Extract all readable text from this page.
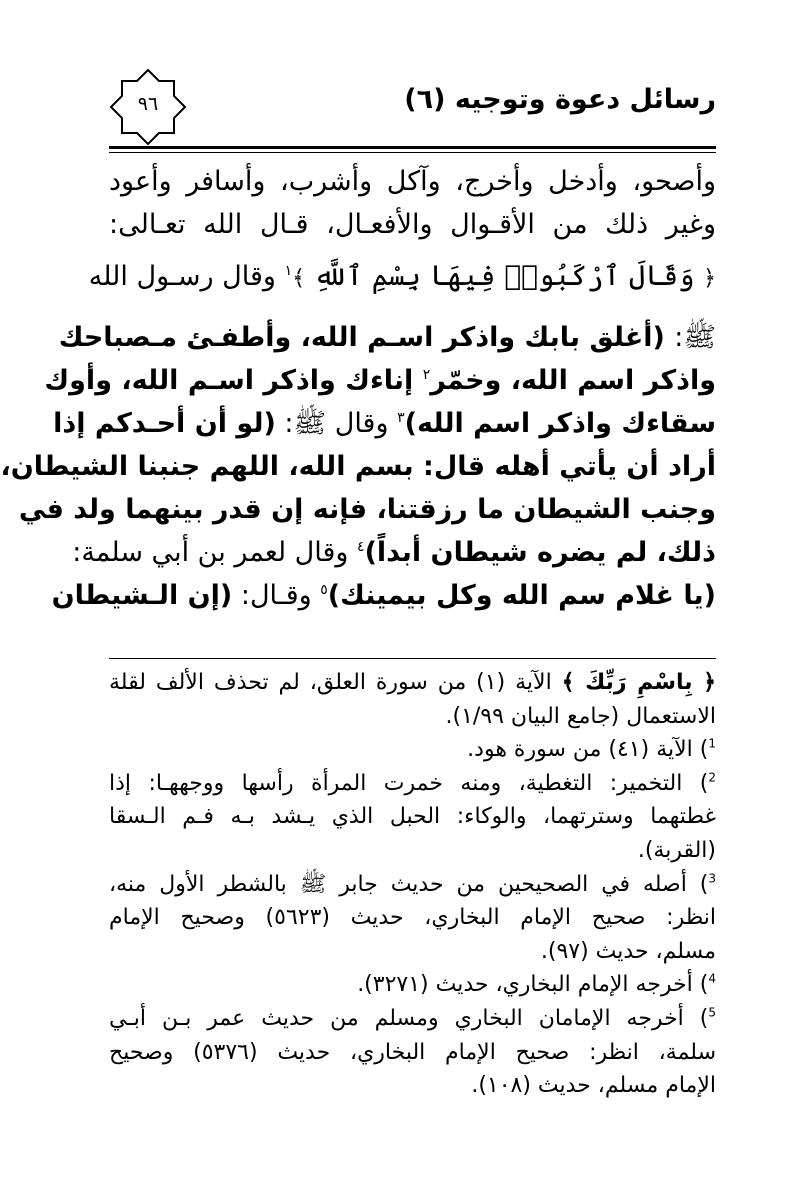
رسائل دعوة وتوجيه (٦)
٩٦
وأصحو، وأدخل وأخرج، وآكل وأشرب، وأسافر وأعود
وغير ذلك من الأقـوال والأفعـال، قـال الله تعـالى:
﴿ وَقَالَ ٱرْكَبُوا۟ فِيهَا بِسْمِ ٱللَّهِ ﴾$^١$ وقال رسـول الله
ﷺ: (أغلق بابك واذكر اسـم الله، وأطفـئ مـصباحك
واذكر اسم الله، وخمّر$^٢$ إناءك واذكر اسـم الله، وأوك
سقاءك واذكر اسم الله)$^٣$ وقال ﷺ: (لو أن أحـدكم إذا
أراد أن يأتي أهله قال: بسم الله، اللهم جنبنا الشيطان،
وجنب الشيطان ما رزقتنا، فإنه إن قدر بينهما ولد في
ذلك، لم يضره شيطان أبداً)$^٤$ وقال لعمر بن أبي سلمة:
(يا غلام سم الله وكل بيمينك)$^٥$ وقـال: (إن الـشيطان
﴿ بِاسْمِ رَبِّكَ ﴾ الآية (١) من سورة العلق، لم تحذف الألف لقلة
الاستعمال (جامع البيان ١/٩٩).
$^1$) الآية (٤١) من سورة هود.
$^2$) التخمير: التغطية، ومنه خمرت المرأة رأسها ووجههـا: إذا
غطتهما وسترتهما، والوكاء: الحبل الذي يـشد بـه فـم الـسقا
(القربة).
$^3$) أصله في الصحيحين من حديث جابر ﷺ بالشطر الأول منه،
انظر: صحيح الإمام البخاري، حديث (٥٦٢٣) وصحيح الإمام
مسلم، حديث (٩٧).
$^4$) أخرجه الإمام البخاري، حديث (٣٢٧١).
$^5$) أخرجه الإمامان البخاري ومسلم من حديث عمر بـن أبـي
سلمة، انظر: صحيح الإمام البخاري، حديث (٥٣٧٦) وصحيح
الإمام مسلم، حديث (١٠٨).
